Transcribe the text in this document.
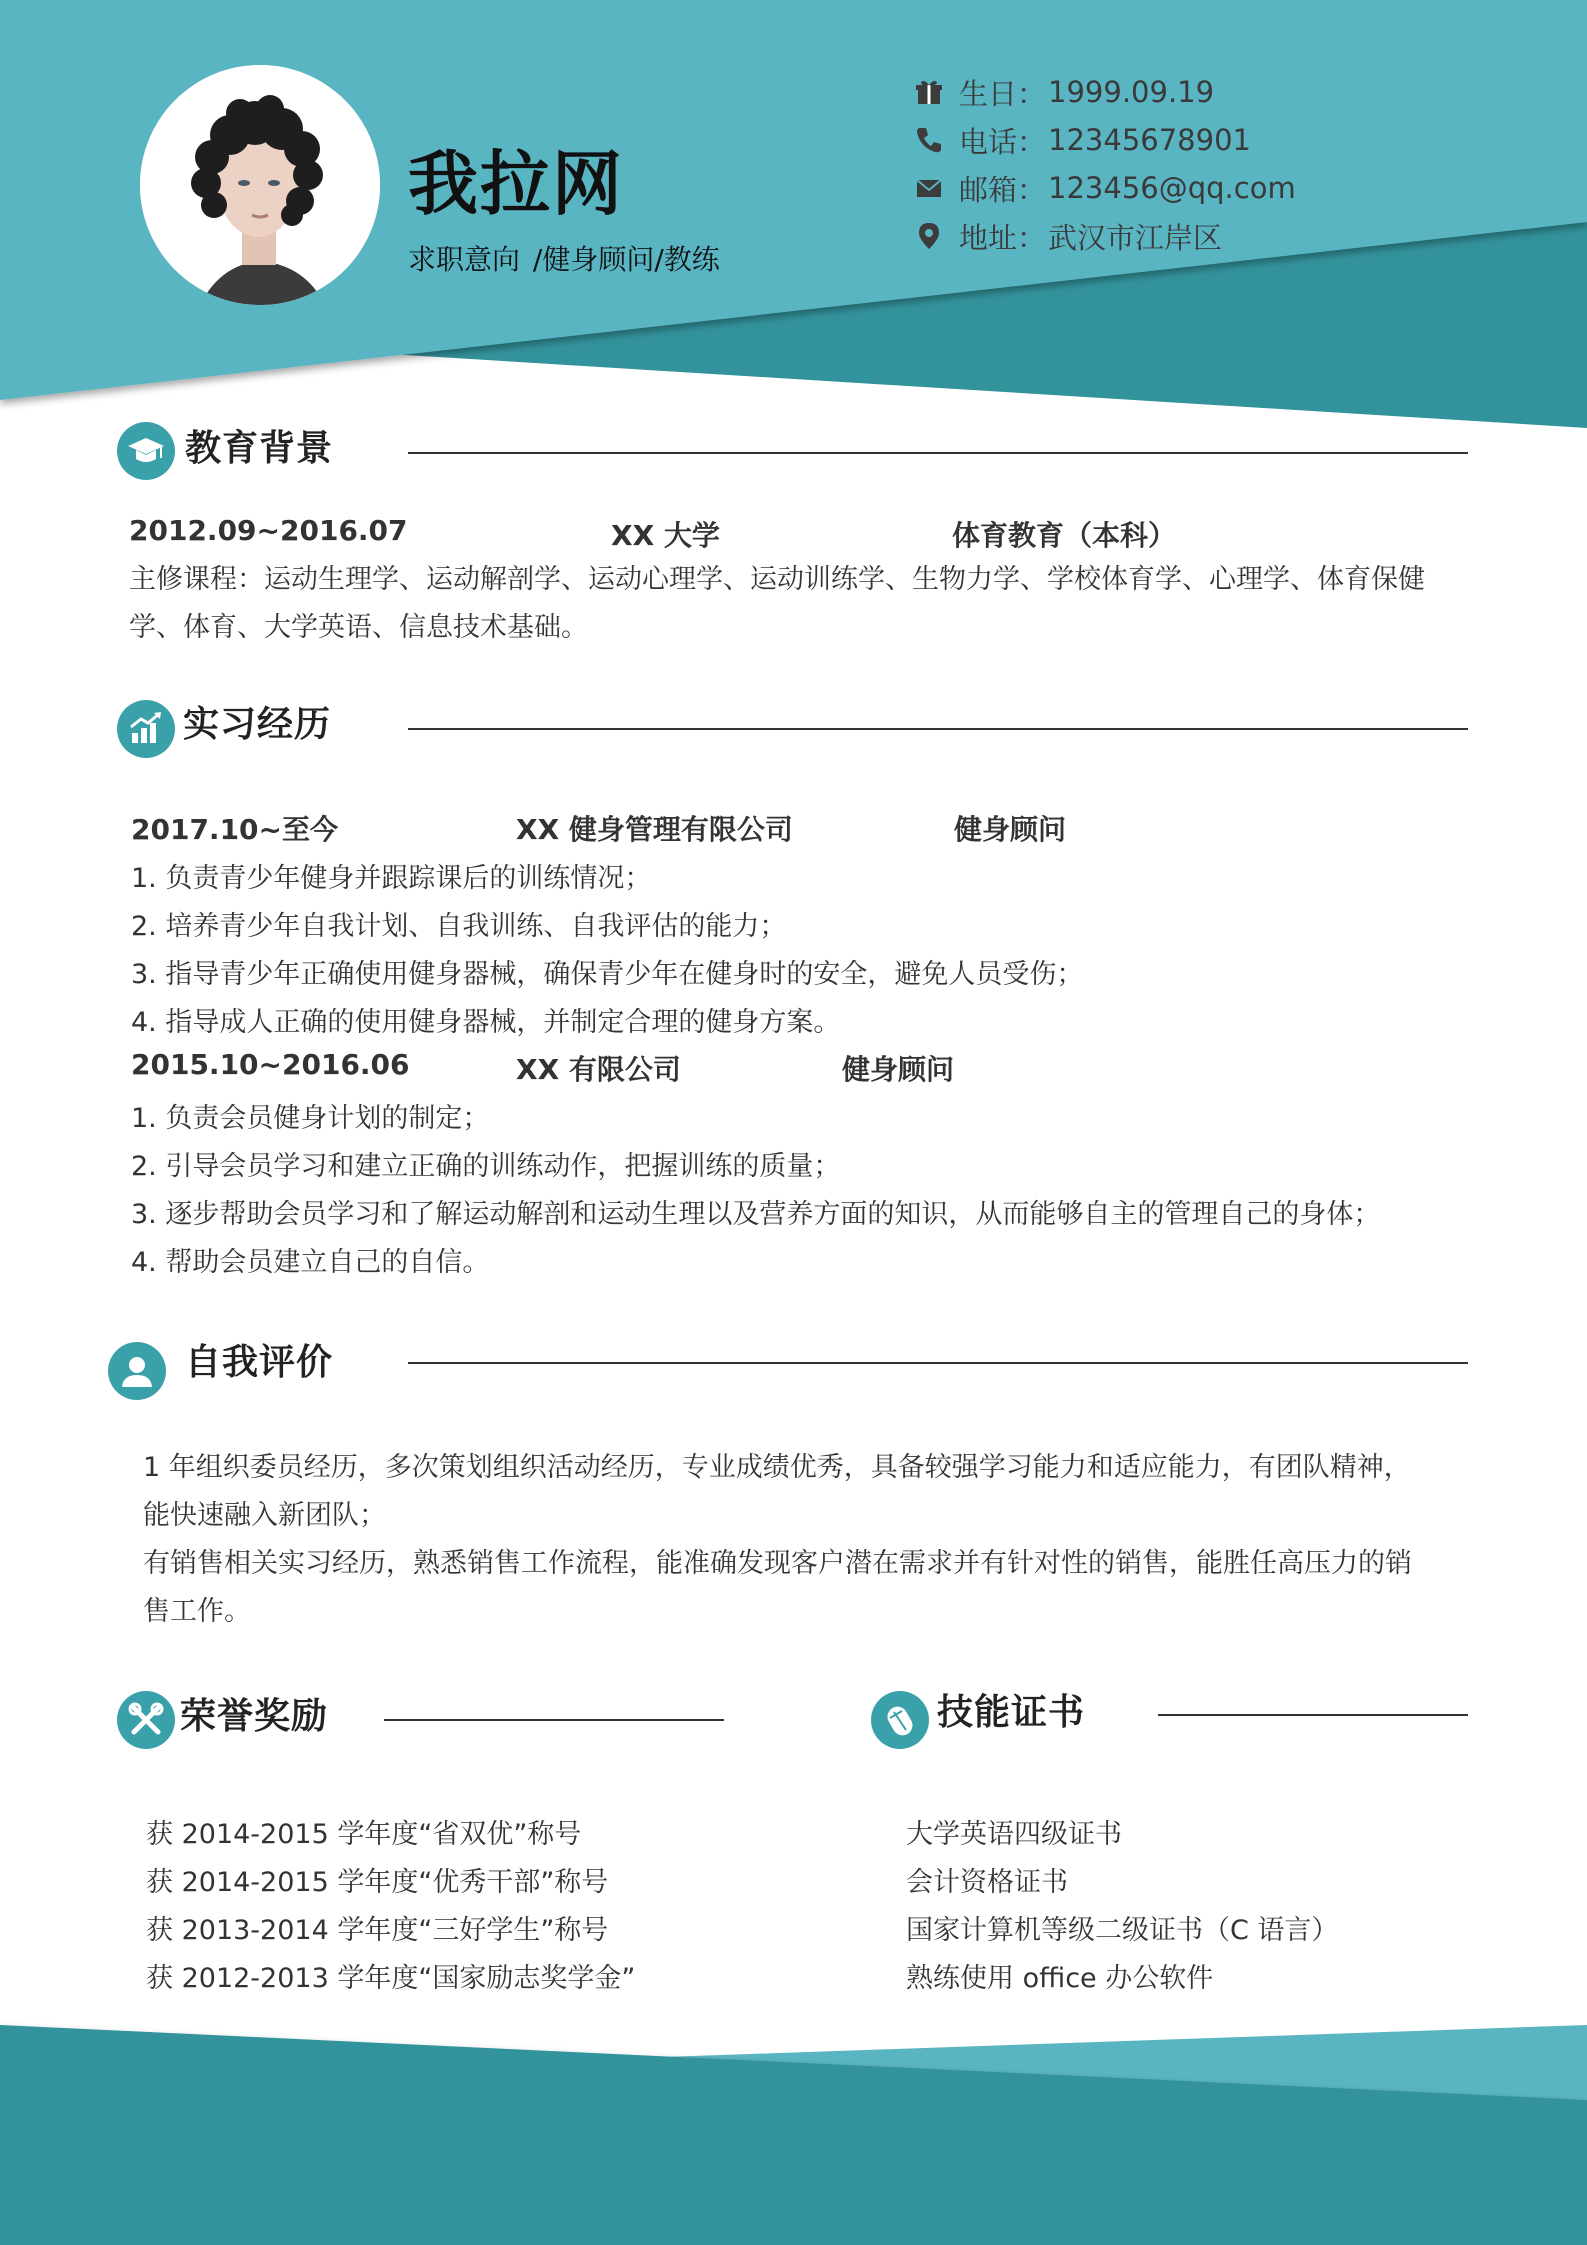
我拉网
求职意向 /健身顾问/教练
生日： 1999.09.19
电话： 12345678901
邮箱： 123456@qq.com
地址： 武汉市江岸区
教育背景
2012.09~2016.07	XX 大学	体育教育（本科）
主修课程：运动生理学、运动解剖学、运动心理学、运动训练学、生物力学、学校体育学、心理学、体育保健学、体育、大学英语、信息技术基础。
实习经历
2017.10~至今	XX 健身管理有限公司	健身顾问
1. 负责青少年健身并跟踪课后的训练情况；
2. 培养青少年自我计划、自我训练、自我评估的能力；
3. 指导青少年正确使用健身器械，确保青少年在健身时的安全，避免人员受伤；
4. 指导成人正确的使用健身器械，并制定合理的健身方案。
2015.10~2016.06	XX 有限公司	健身顾问
1. 负责会员健身计划的制定；
2. 引导会员学习和建立正确的训练动作，把握训练的质量；
3. 逐步帮助会员学习和了解运动解剖和运动生理以及营养方面的知识，从而能够自主的管理自己的身体；
4. 帮助会员建立自己的自信。
自我评价
1 年组织委员经历，多次策划组织活动经历，专业成绩优秀，具备较强学习能力和适应能力，有团队精神，能快速融入新团队；
有销售相关实习经历，熟悉销售工作流程，能准确发现客户潜在需求并有针对性的销售，能胜任高压力的销售工作。
荣誉奖励
获 2014-2015 学年度“省双优”称号
获 2014-2015 学年度“优秀干部”称号
获 2013-2014 学年度“三好学生”称号
获 2012-2013 学年度“国家励志奖学金”
技能证书
大学英语四级证书
会计资格证书
国家计算机等级二级证书（C 语言）
熟练使用 office 办公软件
